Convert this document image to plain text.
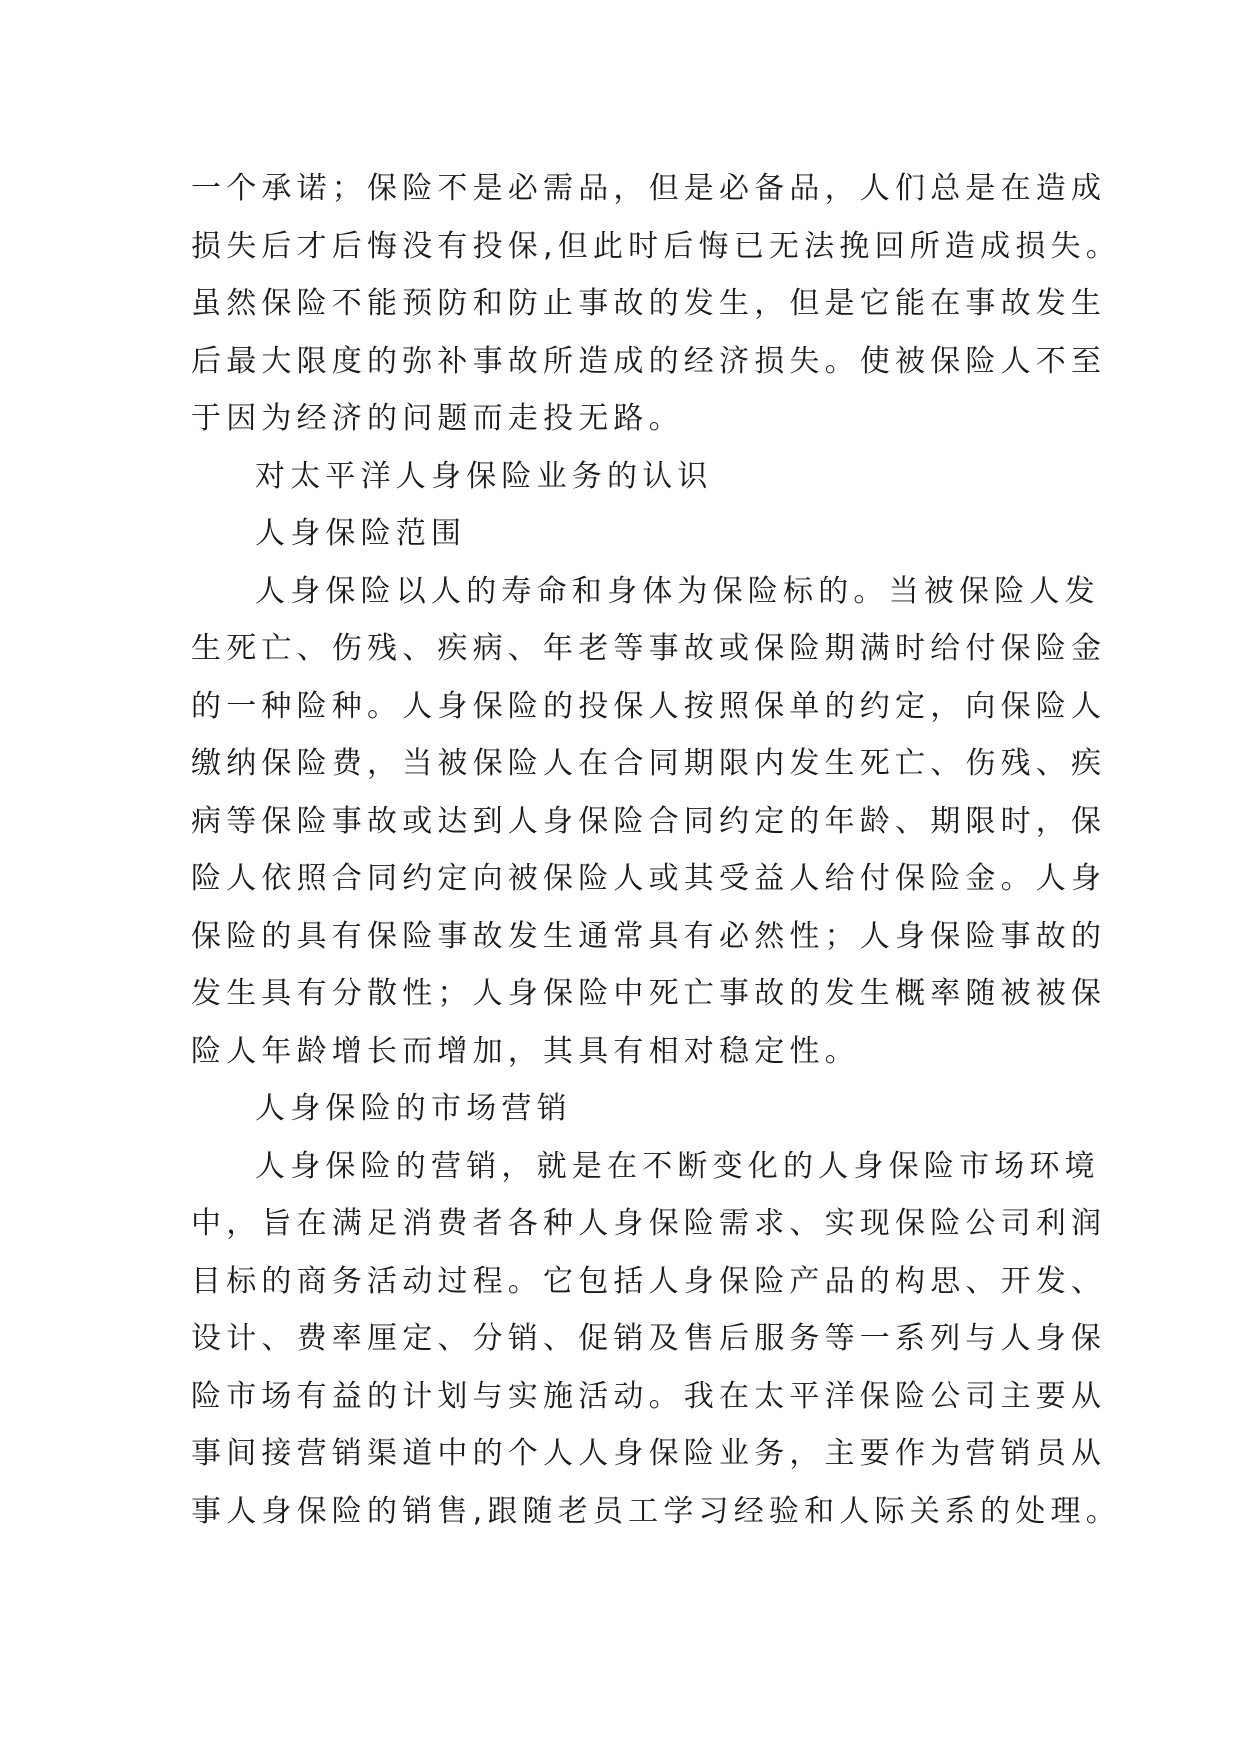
一个承诺；保险不是必需品，但是必备品，人们总是在造成
损失后才后悔没有投保,但此时后悔已无法挽回所造成损失。
虽然保险不能预防和防止事故的发生，但是它能在事故发生
后最大限度的弥补事故所造成的经济损失。使被保险人不至
于因为经济的问题而走投无路。
对太平洋人身保险业务的认识
人身保险范围
人身保险以人的寿命和身体为保险标的。当被保险人发
生死亡、伤残、疾病、年老等事故或保险期满时给付保险金
的一种险种。人身保险的投保人按照保单的约定，向保险人
缴纳保险费，当被保险人在合同期限内发生死亡、伤残、疾
病等保险事故或达到人身保险合同约定的年龄、期限时，保
险人依照合同约定向被保险人或其受益人给付保险金。人身
保险的具有保险事故发生通常具有必然性；人身保险事故的
发生具有分散性；人身保险中死亡事故的发生概率随被被保
险人年龄增长而增加，其具有相对稳定性。
人身保险的市场营销
人身保险的营销，就是在不断变化的人身保险市场环境
中，旨在满足消费者各种人身保险需求、实现保险公司利润
目标的商务活动过程。它包括人身保险产品的构思、开发、
设计、费率厘定、分销、促销及售后服务等一系列与人身保
险市场有益的计划与实施活动。我在太平洋保险公司主要从
事间接营销渠道中的个人人身保险业务，主要作为营销员从
事人身保险的销售,跟随老员工学习经验和人际关系的处理。
